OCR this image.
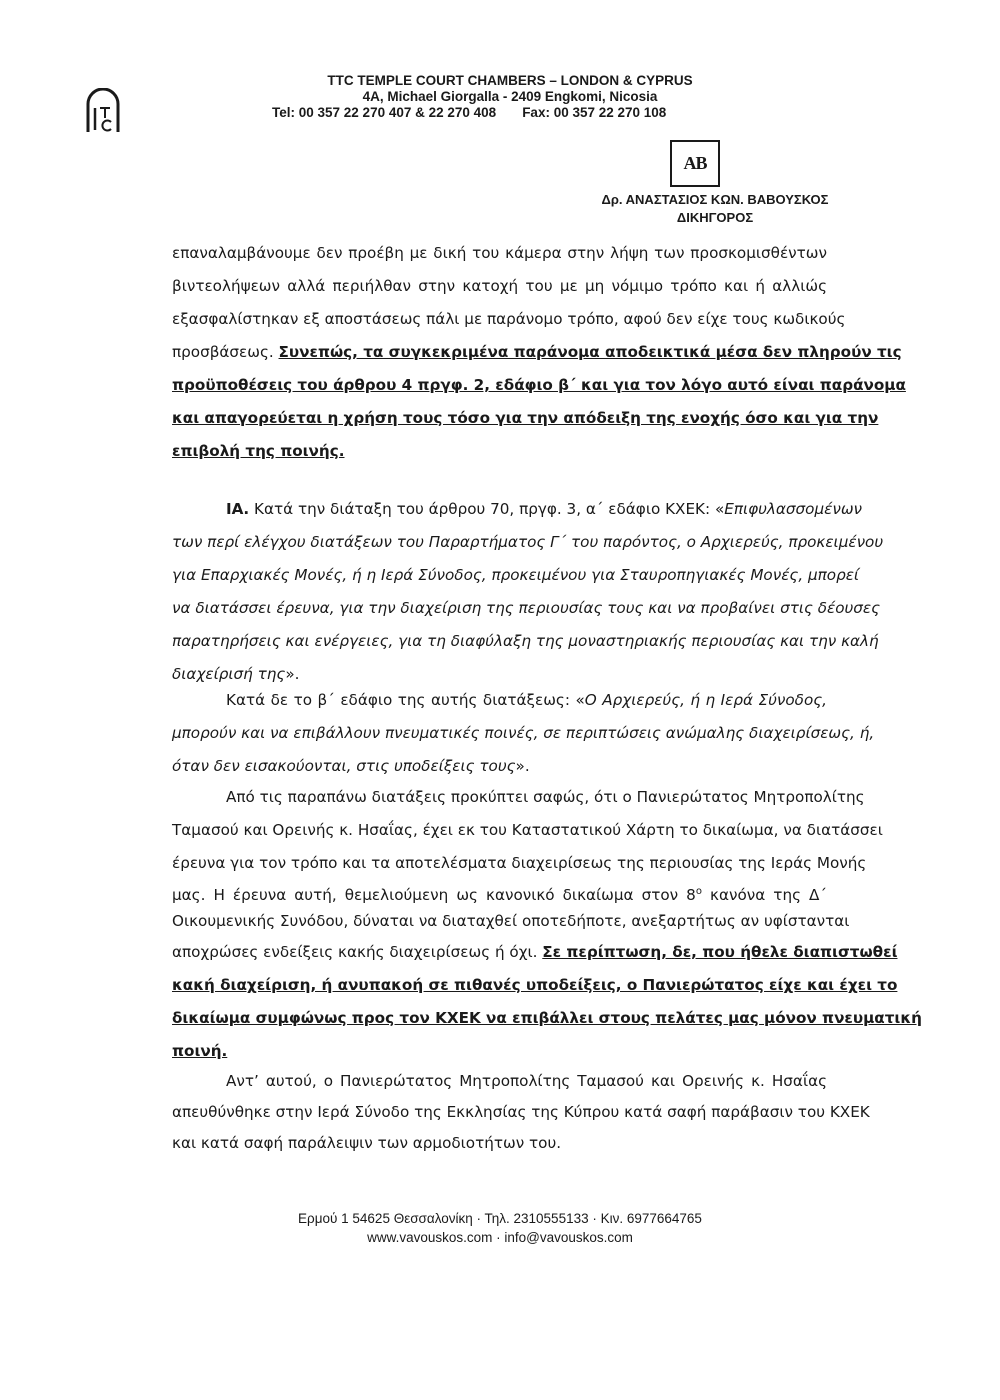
TTC TEMPLE COURT CHAMBERS – LONDON & CYPRUS
4A, Michael Giorgalla - 2409 Engkomi, Nicosia
Tel: 00 357 22 270 407 & 22 270 408 Fax: 00 357 22 270 108
AB
Δρ. ΑΝΑΣΤΑΣΙΟΣ ΚΩΝ. ΒΑΒΟΥΣΚΟΣ
ΔΙΚΗΓΟΡΟΣ
επαναλαμβάνουμε δεν προέβη με δική του κάμερα στην λήψη των προσκομισθέντων
βιντεολήψεων αλλά περιήλθαν στην κατοχή του με μη νόμιμο τρόπο και ή αλλιώς
εξασφαλίστηκαν εξ αποστάσεως πάλι με παράνομο τρόπο, αφού δεν είχε τους κωδικούς
προσβάσεως. Συνεπώς, τα συγκεκριμένα παράνομα αποδεικτικά μέσα δεν πληρούν τις
προϋποθέσεις του άρθρου 4 πργφ. 2, εδάφιο β΄ και για τον λόγο αυτό είναι παράνομα
και απαγορεύεται η χρήση τους τόσο για την απόδειξη της ενοχής όσο και για την
επιβολή της ποινής.
ΙΑ. Κατά την διάταξη του άρθρου 70, πργφ. 3, α΄ εδάφιο ΚΧΕΚ: «Επιφυλασσομένων
των περί ελέγχου διατάξεων του Παραρτήματος Γ΄ του παρόντος, ο Αρχιερεύς, προκειμένου
για Επαρχιακές Μονές, ή η Ιερά Σύνοδος, προκειμένου για Σταυροπηγιακές Μονές, μπορεί
να διατάσσει έρευνα, για την διαχείριση της περιουσίας τους και να προβαίνει στις δέουσες
παρατηρήσεις και ενέργειες, για τη διαφύλαξη της μοναστηριακής περιουσίας και την καλή
διαχείρισή της».
Κατά δε το β΄ εδάφιο της αυτής διατάξεως: «Ο Αρχιερεύς, ή η Ιερά Σύνοδος,
μπορούν και να επιβάλλουν πνευματικές ποινές, σε περιπτώσεις ανώμαλης διαχειρίσεως, ή,
όταν δεν εισακούονται, στις υποδείξεις τους».
Από τις παραπάνω διατάξεις προκύπτει σαφώς, ότι ο Πανιερώτατος Μητροπολίτης
Ταμασού και Ορεινής κ. Ησαΐας, έχει εκ του Καταστατικού Χάρτη το δικαίωμα, να διατάσσει
έρευνα για τον τρόπο και τα αποτελέσματα διαχειρίσεως της περιουσίας της Ιεράς Μονής
μας. Η έρευνα αυτή, θεμελιούμενη ως κανονικό δικαίωμα στον $8^o$ κανόνα της Δ΄
Οικουμενικής Συνόδου, δύναται να διαταχθεί οποτεδήποτε, ανεξαρτήτως αν υφίστανται
αποχρώσες ενδείξεις κακής διαχειρίσεως ή όχι. Σε περίπτωση, δε, που ήθελε διαπιστωθεί
κακή διαχείριση, ή ανυπακοή σε πιθανές υποδείξεις, ο Πανιερώτατος είχε και έχει το
δικαίωμα συμφώνως προς τον ΚΧΕΚ να επιβάλλει στους πελάτες μας μόνον πνευματική
ποινή.
Αντ’ αυτού, ο Πανιερώτατος Μητροπολίτης Ταμασού και Ορεινής κ. Ησαΐας
απευθύνθηκε στην Ιερά Σύνοδο της Εκκλησίας της Κύπρου κατά σαφή παράβασιν του ΚΧΕΚ
και κατά σαφή παράλειψιν των αρμοδιοτήτων του.
Ερμού 1 54625 Θεσσαλονίκη · Τηλ. 2310555133 · Κιν. 6977664765
www.vavouskos.com · info@vavouskos.com
